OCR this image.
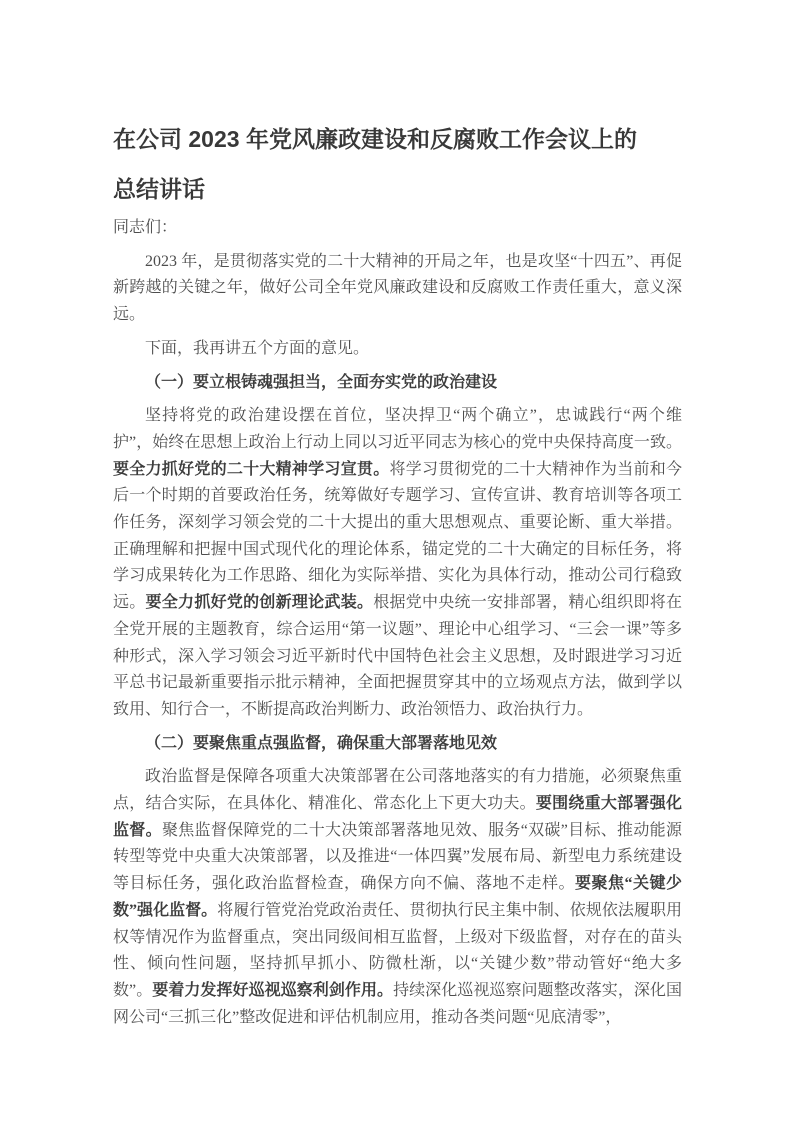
在公司 2023 年党风廉政建设和反腐败工作会议上的
总结讲话

同志们：

2023 年，是贯彻落实党的二十大精神的开局之年，也是攻坚“十四五”、再促新跨越的关键之年，做好公司全年党风廉政建设和反腐败工作责任重大，意义深远。

下面，我再讲五个方面的意见。

（一）要立根铸魂强担当，全面夯实党的政治建设

坚持将党的政治建设摆在首位，坚决捍卫“两个确立”，忠诚践行“两个维护”，始终在思想上政治上行动上同以习近平同志为核心的党中央保持高度一致。要全力抓好党的二十大精神学习宣贯。将学习贯彻党的二十大精神作为当前和今后一个时期的首要政治任务，统筹做好专题学习、宣传宣讲、教育培训等各项工作任务，深刻学习领会党的二十大提出的重大思想观点、重要论断、重大举措。正确理解和把握中国式现代化的理论体系，锚定党的二十大确定的目标任务，将学习成果转化为工作思路、细化为实际举措、实化为具体行动，推动公司行稳致远。要全力抓好党的创新理论武装。根据党中央统一安排部署，精心组织即将在全党开展的主题教育，综合运用“第一议题”、理论中心组学习、“三会一课”等多种形式，深入学习领会习近平新时代中国特色社会主义思想，及时跟进学习习近平总书记最新重要指示批示精神，全面把握贯穿其中的立场观点方法，做到学以致用、知行合一，不断提高政治判断力、政治领悟力、政治执行力。

（二）要聚焦重点强监督，确保重大部署落地见效

政治监督是保障各项重大决策部署在公司落地落实的有力措施，必须聚焦重点，结合实际，在具体化、精准化、常态化上下更大功夫。要围绕重大部署强化监督。聚焦监督保障党的二十大决策部署落地见效、服务“双碳”目标、推动能源转型等党中央重大决策部署，以及推进“一体四翼”发展布局、新型电力系统建设等目标任务，强化政治监督检查，确保方向不偏、落地不走样。要聚焦“关键少数”强化监督。将履行管党治党政治责任、贯彻执行民主集中制、依规依法履职用权等情况作为监督重点，突出同级间相互监督，上级对下级监督，对存在的苗头性、倾向性问题，坚持抓早抓小、防微杜渐，以“关键少数”带动管好“绝大多数”。要着力发挥好巡视巡察利剑作用。持续深化巡视巡察问题整改落实，深化国网公司“三抓三化”整改促进和评估机制应用，推动各类问题“见底清零”，
